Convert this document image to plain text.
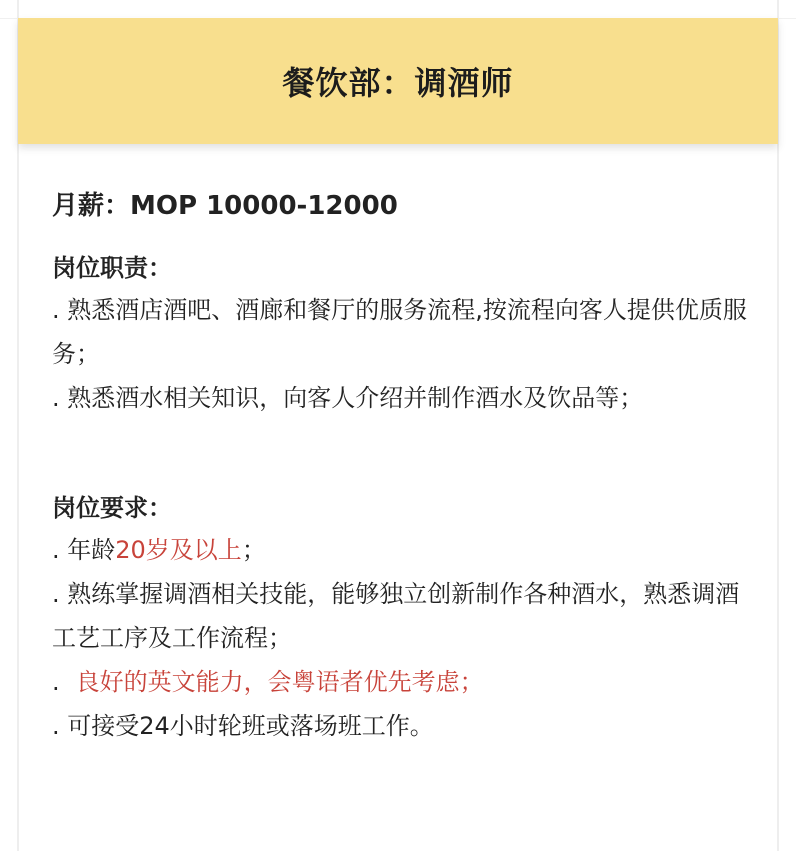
餐饮部：调酒师

月薪：MOP 10000-12000

岗位职责：

. 熟悉酒店酒吧、酒廊和餐厅的服务流程,按流程向客人提供优质服务；

. 熟悉酒水相关知识，向客人介绍并制作酒水及饮品等；

岗位要求：

. 年龄20岁及以上；

. 熟练掌握调酒相关技能，能够独立创新制作各种酒水，熟悉调酒工艺工序及工作流程；

. 良好的英文能力，会粤语者优先考虑；

. 可接受24小时轮班或落场班工作。
